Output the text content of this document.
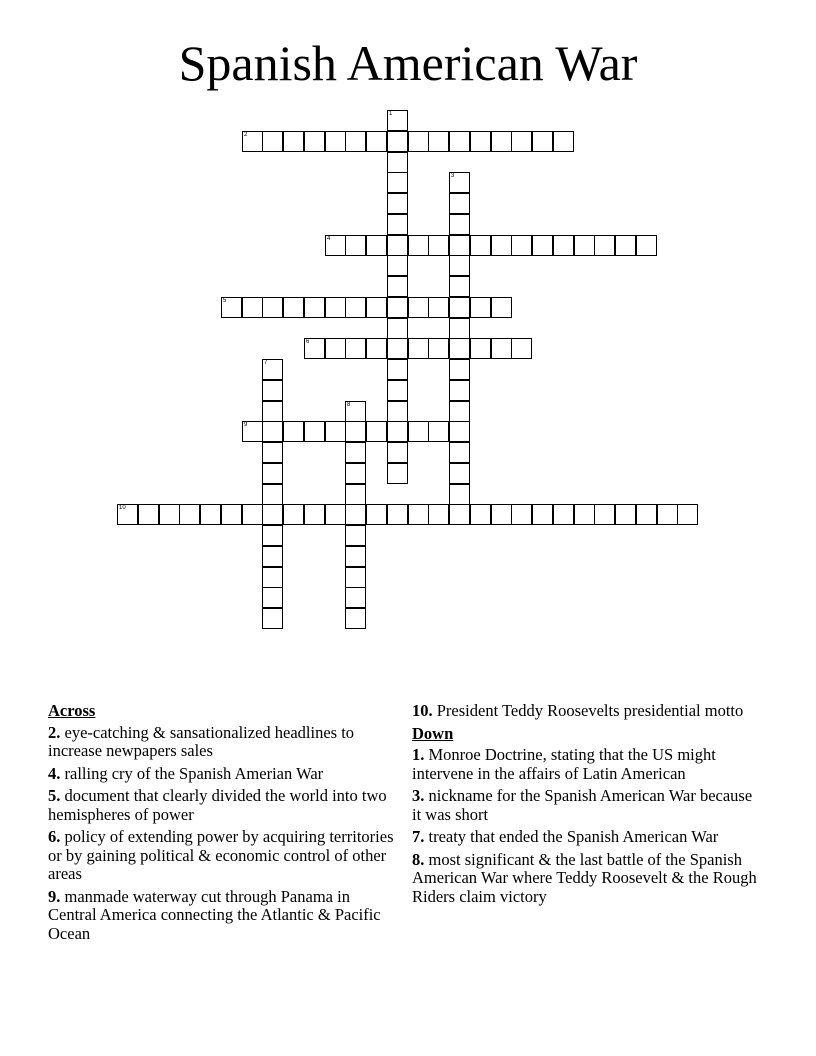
Spanish American War
1
2
3
4
5
6
7
8
9
10
Across
2. eye-catching & sansationalized headlines to increase newpapers sales
4. ralling cry of the Spanish Amerian War
5. document that clearly divided the world into two hemispheres of power
6. policy of extending power by acquiring territories or by gaining political & economic control of other areas
9. manmade waterway cut through Panama in Central America connecting the Atlantic & Pacific Ocean
10. President Teddy Roosevelts presidential motto
Down
1. Monroe Doctrine, stating that the US might intervene in the affairs of Latin American
3. nickname for the Spanish American War because it was short
7. treaty that ended the Spanish American War
8. most significant & the last battle of the Spanish American War where Teddy Roosevelt & the Rough Riders claim victory
